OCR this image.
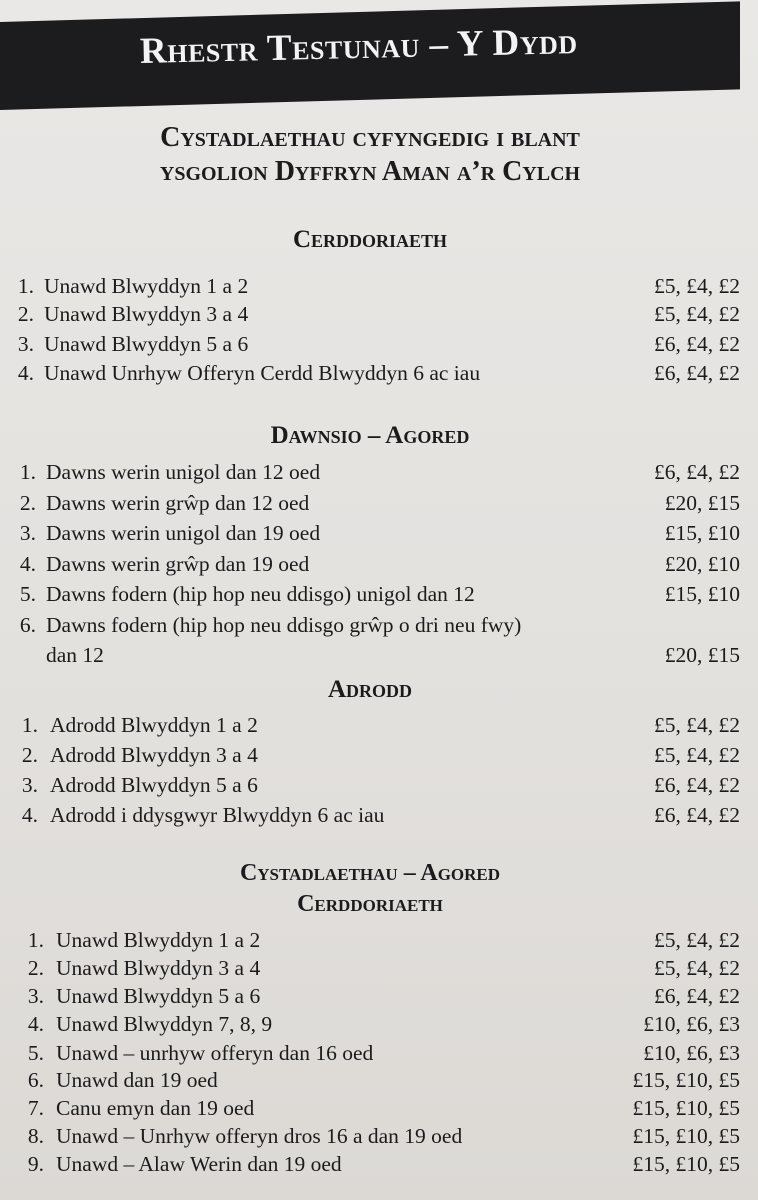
Rhestr Testunau – Y Dydd
Cystadlaethau cyfyngedig i blant
ysgolion Dyffryn Aman a’r Cylch
Cerddoriaeth
1. Unawd Blwyddyn 1 a 2	£5, £4, £2
2. Unawd Blwyddyn 3 a 4	£5, £4, £2
3. Unawd Blwyddyn 5 a 6	£6, £4, £2
4. Unawd Unrhyw Offeryn Cerdd Blwyddyn 6 ac iau	£6, £4, £2
Dawnsio – Agored
1. Dawns werin unigol dan 12 oed	£6, £4, £2
2. Dawns werin grŵp dan 12 oed	£20, £15
3. Dawns werin unigol dan 19 oed	£15, £10
4. Dawns werin grŵp dan 19 oed	£20, £10
5. Dawns fodern (hip hop neu ddisgo) unigol dan 12	£15, £10
6. Dawns fodern (hip hop neu ddisgo grŵp o dri neu fwy)
dan 12	£20, £15
Adrodd
1. Adrodd Blwyddyn 1 a 2	£5, £4, £2
2. Adrodd Blwyddyn 3 a 4	£5, £4, £2
3. Adrodd Blwyddyn 5 a 6	£6, £4, £2
4. Adrodd i ddysgwyr Blwyddyn 6 ac iau	£6, £4, £2
Cystadlaethau – Agored
Cerddoriaeth
1. Unawd Blwyddyn 1 a 2	£5, £4, £2
2. Unawd Blwyddyn 3 a 4	£5, £4, £2
3. Unawd Blwyddyn 5 a 6	£6, £4, £2
4. Unawd Blwyddyn 7, 8, 9	£10, £6, £3
5. Unawd – unrhyw offeryn dan 16 oed	£10, £6, £3
6. Unawd dan 19 oed	£15, £10, £5
7. Canu emyn dan 19 oed	£15, £10, £5
8. Unawd – Unrhyw offeryn dros 16 a dan 19 oed	£15, £10, £5
9. Unawd – Alaw Werin dan 19 oed	£15, £10, £5
